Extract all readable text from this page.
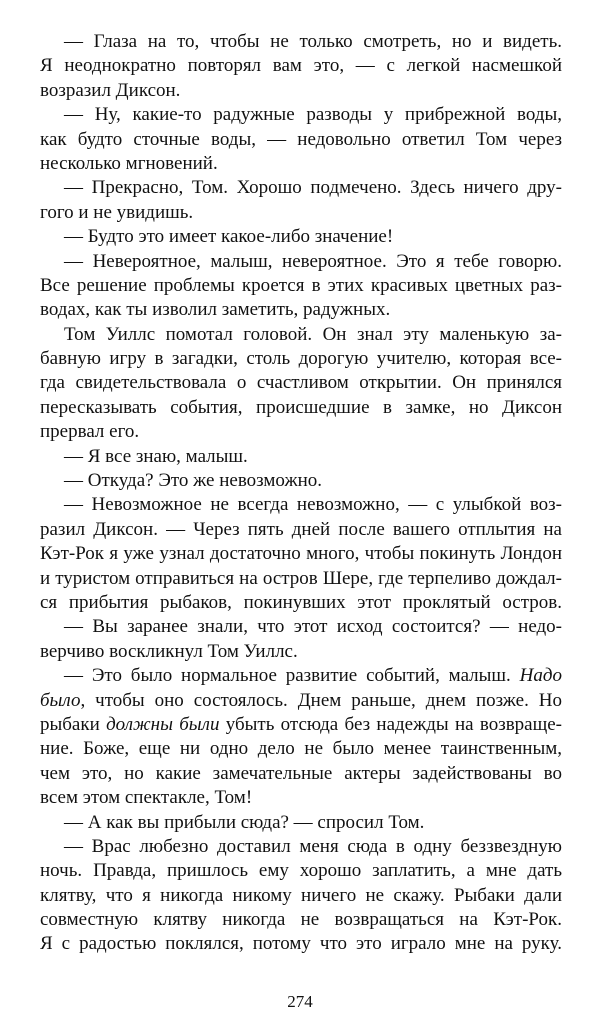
— Глаза на то, чтобы не только смотреть, но и видеть.
Я неоднократно повторял вам это, — с легкой насмешкой
возразил Диксон.
— Ну, какие-то радужные разводы у прибрежной воды,
как будто сточные воды, — недовольно ответил Том через
несколько мгновений.
— Прекрасно, Том. Хорошо подмечено. Здесь ничего дру-
гого и не увидишь.
— Будто это имеет какое-либо значение!
— Невероятное, малыш, невероятное. Это я тебе говорю.
Все решение проблемы кроется в этих красивых цветных раз-
водах, как ты изволил заметить, радужных.
Том Уиллс помотал головой. Он знал эту маленькую за-
бавную игру в загадки, столь дорогую учителю, которая все-
гда свидетельствовала о счастливом открытии. Он принялся
пересказывать события, происшедшие в замке, но Диксон
прервал его.
— Я все знаю, малыш.
— Откуда? Это же невозможно.
— Невозможное не всегда невозможно, — с улыбкой воз-
разил Диксон. — Через пять дней после вашего отплытия на
Кэт-Рок я уже узнал достаточно много, чтобы покинуть Лондон
и туристом отправиться на остров Шере, где терпеливо дождал-
ся прибытия рыбаков, покинувших этот проклятый остров.
— Вы заранее знали, что этот исход состоится? — недо-
верчиво воскликнул Том Уиллс.
— Это было нормальное развитие событий, малыш. Надо
было, чтобы оно состоялось. Днем раньше, днем позже. Но
рыбаки должны были убыть отсюда без надежды на возвраще-
ние. Боже, еще ни одно дело не было менее таинственным,
чем это, но какие замечательные актеры задействованы во
всем этом спектакле, Том!
— А как вы прибыли сюда? — спросил Том.
— Врас любезно доставил меня сюда в одну беззвездную
ночь. Правда, пришлось ему хорошо заплатить, а мне дать
клятву, что я никогда никому ничего не скажу. Рыбаки дали
совместную клятву никогда не возвращаться на Кэт-Рок.
Я с радостью поклялся, потому что это играло мне на руку.
274
